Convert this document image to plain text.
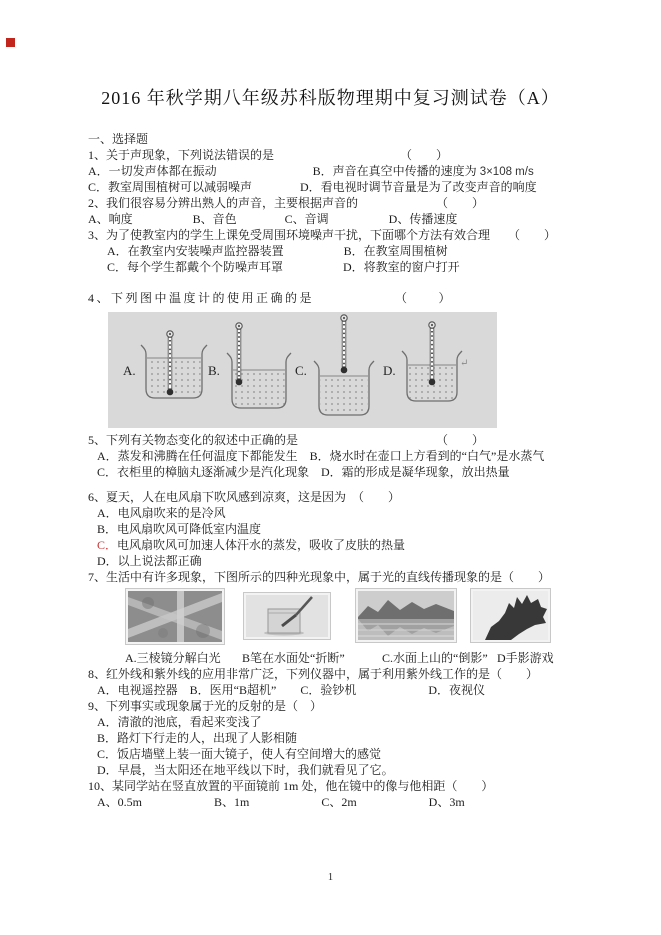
2016 年秋学期八年级苏科版物理期中复习测试卷（A）
一、选择题
1、关于声现象，下列说法错误的是　　　　　　　　　　　（　　）
A．一切发声体都在振动　　　　　　　　B．声音在真空中传播的速度为 3×108 m/s
C．教室周围植树可以减弱噪声　　　　D．看电视时调节音量是为了改变声音的响度
2、我们很容易分辨出熟人的声音，主要根据声音的　　　　　　　（　　）
A、响度　　　　　B、音色　　　　C、音调　　　　　D、传播速度
3、为了使教室内的学生上课免受周围环境噪声干扰，下面哪个方法有效合理　　（　　）
A．在教室内安装噪声监控器装置　　　　　B．在教室周围植树
C．每个学生都戴个个防噪声耳罩　　　　　D．将教室的窗户打开
4、下列图中温度计的使用正确的是　　　　　　（　　）
A.	B.	C.	D.	↵
5、下列有关物态变化的叙述中正确的是　　　　　　　　　　　　（　　）
A．蒸发和沸腾在任何温度下都能发生　B．烧水时在壶口上方看到的“白气”是水蒸气
C．衣柜里的樟脑丸逐渐减少是汽化现象　D．霜的形成是凝华现象，放出热量
6、夏天，人在电风扇下吹风感到凉爽，这是因为　（　　）
A．电风扇吹来的是冷风
B．电风扇吹风可降低室内温度
C．电风扇吹风可加速人体汗水的蒸发，吸收了皮肤的热量
D．以上说法都正确
7、生活中有许多现象，下图所示的四种光现象中，属于光的直线传播现象的是（　　）
A.三棱镜分解白光 B笔在水面处“折断”	C.水面上山的“倒影” D手影游戏
8、红外线和紫外线的应用非常广泛，下列仪器中，属于利用紫外线工作的是（　　）
A．电视遥控器　B．医用“B超机”　　C．验钞机　　　　　　D．夜视仪
9、下列事实或现象属于光的反射的是（　）
A．清澈的池底，看起来变浅了
B．路灯下行走的人，出现了人影相随
C．饭店墙壁上装一面大镜子，使人有空间增大的感觉
D．早晨，当太阳还在地平线以下时，我们就看见了它。
10、某同学站在竖直放置的平面镜前 1m 处，他在镜中的像与他相距（　　）
A、0.5m　　　　　　B、1m　　　　　　C、2m　　　　　　D、3m
1
